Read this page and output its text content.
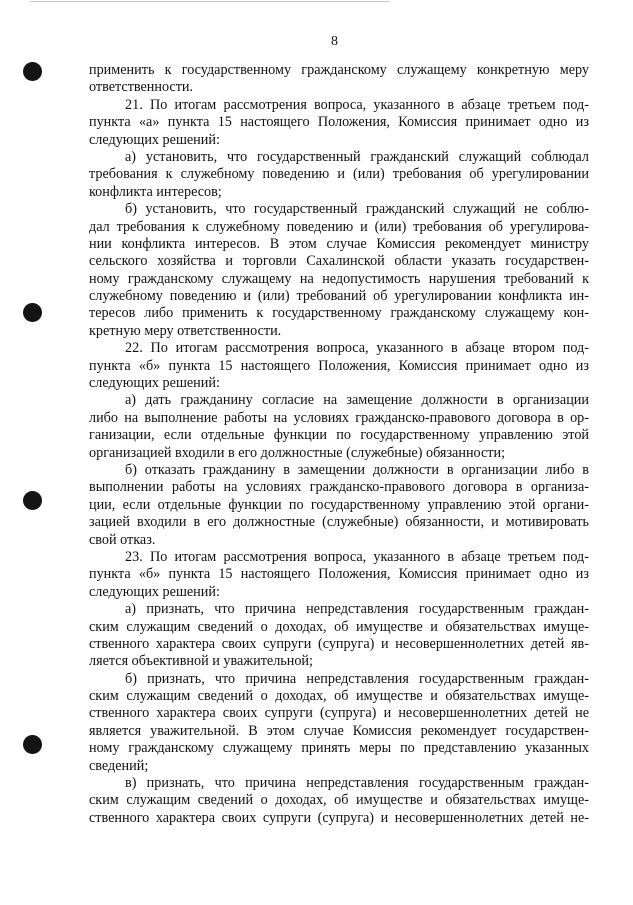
8
применить к государственному гражданскому служащему конкретную меру
ответственности.
21. По итогам рассмотрения вопроса, указанного в абзаце третьем под-
пункта «а» пункта 15 настоящего Положения, Комиссия принимает одно из
следующих решений:
а) установить, что государственный гражданский служащий соблюдал
требования к служебному поведению и (или) требования об урегулировании
конфликта интересов;
б) установить, что государственный гражданский служащий не соблю-
дал требования к служебному поведению и (или) требования об урегулирова-
нии конфликта интересов. В этом случае Комиссия рекомендует министру
сельского хозяйства и торговли Сахалинской области указать государствен-
ному гражданскому служащему на недопустимость нарушения требований к
служебному поведению и (или) требований об урегулировании конфликта ин-
тересов либо применить к государственному гражданскому служащему кон-
кретную меру ответственности.
22. По итогам рассмотрения вопроса, указанного в абзаце втором под-
пункта «б» пункта 15 настоящего Положения, Комиссия принимает одно из
следующих решений:
а) дать гражданину согласие на замещение должности в организации
либо на выполнение работы на условиях гражданско-правового договора в ор-
ганизации, если отдельные функции по государственному управлению этой
организацией входили в его должностные (служебные) обязанности;
б) отказать гражданину в замещении должности в организации либо в
выполнении работы на условиях гражданско-правового договора в организа-
ции, если отдельные функции по государственному управлению этой органи-
зацией входили в его должностные (служебные) обязанности, и мотивировать
свой отказ.
23. По итогам рассмотрения вопроса, указанного в абзаце третьем под-
пункта «б» пункта 15 настоящего Положения, Комиссия принимает одно из
следующих решений:
а) признать, что причина непредставления государственным граждан-
ским служащим сведений о доходах, об имуществе и обязательствах имуще-
ственного характера своих супруги (супруга) и несовершеннолетних детей яв-
ляется объективной и уважительной;
б) признать, что причина непредставления государственным граждан-
ским служащим сведений о доходах, об имуществе и обязательствах имуще-
ственного характера своих супруги (супруга) и несовершеннолетних детей не
является уважительной. В этом случае Комиссия рекомендует государствен-
ному гражданскому служащему принять меры по представлению указанных
сведений;
в) признать, что причина непредставления государственным граждан-
ским служащим сведений о доходах, об имуществе и обязательствах имуще-
ственного характера своих супруги (супруга) и несовершеннолетних детей не-
